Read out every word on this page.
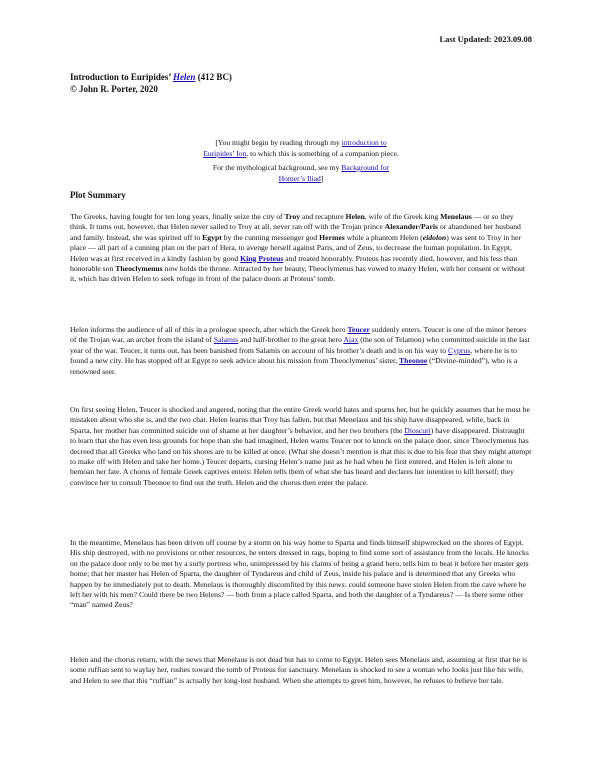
Last Updated: 2023.09.08
Introduction to Euripides’ Helen (412 BC)
© John R. Porter, 2020
[You might begin by reading through my introduction to
Euripides’ Ion, to which this is something of a companion piece.
For the mythological background, see my Background for
Homer’s Iliad]
Plot Summary
The Greeks, having fought for ten long years, finally seize the city of Troy and recapture Helen, wife of the Greek king Menelaus — or so they think. It turns out, however, that Helen never sailed to Troy at all, never ran off with the Trojan prince Alexander/Paris or abandoned her husband and family. Instead, she was spirited off to Egypt by the cunning messenger god Hermes while a phantom Helen (eidolon) was sent to Troy in her place — all part of a cunning plan on the part of Hera, to avenge herself against Paris, and of Zeus, to decrease the human population. In Egypt, Helen was at first received in a kindly fashion by good King Proteus and treated honorably. Proteus has recently died, however, and his less than honorable son Theoclymenus now holds the throne. Attracted by her beauty, Theoclymenus has vowed to marry Helen, with her consent or without it, which has driven Helen to seek refuge in front of the palace doors at Proteus’ tomb.
Helen informs the audience of all of this in a prologue speech, after which the Greek hero Teucer suddenly enters. Teucer is one of the minor heroes of the Trojan war, an archer from the island of Salamis and half-brother to the great hero Ajax (the son of Telamon) who committed suicide in the last year of the war. Teucer, it turns out, has been banished from Salamis on account of his brother’s death and is on his way to Cyprus, where he is to found a new city. He has stopped off at Egypt to seek advice about his mission from Theoclymenus’ sister, Theonoe (“Divine-minded”), who is a renowned seer.
On first seeing Helen, Teucer is shocked and angered, noting that the entire Greek world hates and spurns her, but he quickly assumes that he must be mistaken about who she is, and the two chat. Helen learns that Troy has fallen, but that Menelaus and his ship have disappeared, while, back in Sparta, her mother has committed suicide out of shame at her daughter’s behavior, and her two brothers (the Dioscuri) have disappeared. Distraught to learn that she has even less grounds for hope than she had imagined, Helen warns Teucer not to knock on the palace door, since Theoclymenus has decreed that all Greeks who land on his shores are to be killed at once. (What she doesn’t mention is that this is due to his fear that they might attempt to make off with Helen and take her home.) Teucer departs, cursing Helen’s name just as he had when he first entered, and Helen is left alone to bemoan her fate. A chorus of female Greek captives enters: Helen tells them of what she has heard and declares her intention to kill herself; they convince her to consult Theonoe to find out the truth. Helen and the chorus then enter the palace.
In the meantime, Menelaus has been driven off course by a storm on his way home to Sparta and finds himself shipwrecked on the shores of Egypt. His ship destroyed, with no provisions or other resources, he enters dressed in rags, hoping to find some sort of assistance from the locals. He knocks on the palace door only to be met by a surly portress who, unimpressed by his claims of being a grand hero, tells him to beat it before her master gets home; that her master has Helen of Sparta, the daughter of Tyndareus and child of Zeus, inside his palace and is determined that any Greeks who happen by be immediately put to death. Menelaus is thoroughly discomfited by this news: could someone have stolen Helen from the cave where he left her with his men? Could there be two Helens? — both from a place called Sparta, and both the daughter of a Tyndareus? — Is there some other “man” named Zeus?
Helen and the chorus return, with the news that Menelaus is not dead but has to come to Egypt. Helen sees Menelaus and, assuming at first that he is some ruffian sent to waylay her, rushes toward the tomb of Proteus for sanctuary. Menelaus is shocked to see a woman who looks just like his wife, and Helen to see that this “ruffian” is actually her long-lost husband. When she attempts to greet him, however, he refuses to believe her tale.
